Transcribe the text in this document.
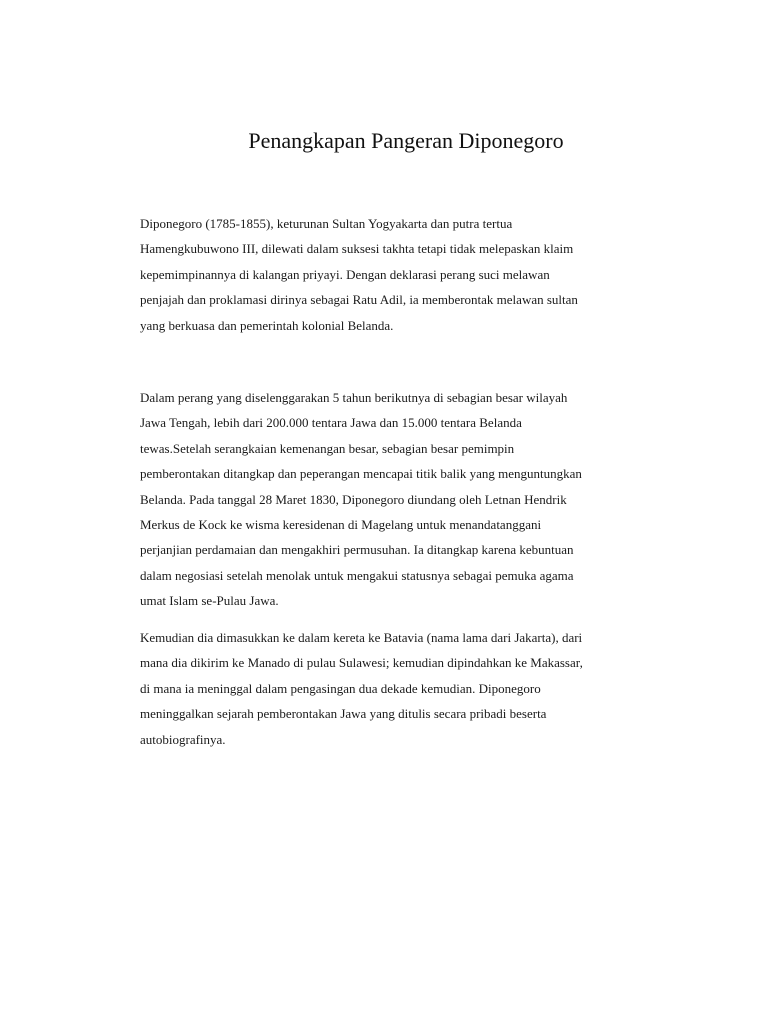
Penangkapan Pangeran Diponegoro

Diponegoro (1785-1855), keturunan Sultan Yogyakarta dan putra tertua
Hamengkubuwono III, dilewati dalam suksesi takhta tetapi tidak melepaskan klaim
kepemimpinannya di kalangan priyayi. Dengan deklarasi perang suci melawan
penjajah dan proklamasi dirinya sebagai Ratu Adil, ia memberontak melawan sultan
yang berkuasa dan pemerintah kolonial Belanda.

Dalam perang yang diselenggarakan 5 tahun berikutnya di sebagian besar wilayah
Jawa Tengah, lebih dari 200.000 tentara Jawa dan 15.000 tentara Belanda
tewas.Setelah serangkaian kemenangan besar, sebagian besar pemimpin
pemberontakan ditangkap dan peperangan mencapai titik balik yang menguntungkan
Belanda. Pada tanggal 28 Maret 1830, Diponegoro diundang oleh Letnan Hendrik
Merkus de Kock ke wisma keresidenan di Magelang untuk menandatanggani
perjanjian perdamaian dan mengakhiri permusuhan. Ia ditangkap karena kebuntuan
dalam negosiasi setelah menolak untuk mengakui statusnya sebagai pemuka agama
umat Islam se-Pulau Jawa.

Kemudian dia dimasukkan ke dalam kereta ke Batavia (nama lama dari Jakarta), dari
mana dia dikirim ke Manado di pulau Sulawesi; kemudian dipindahkan ke Makassar,
di mana ia meninggal dalam pengasingan dua dekade kemudian. Diponegoro
meninggalkan sejarah pemberontakan Jawa yang ditulis secara pribadi beserta
autobiografinya.
